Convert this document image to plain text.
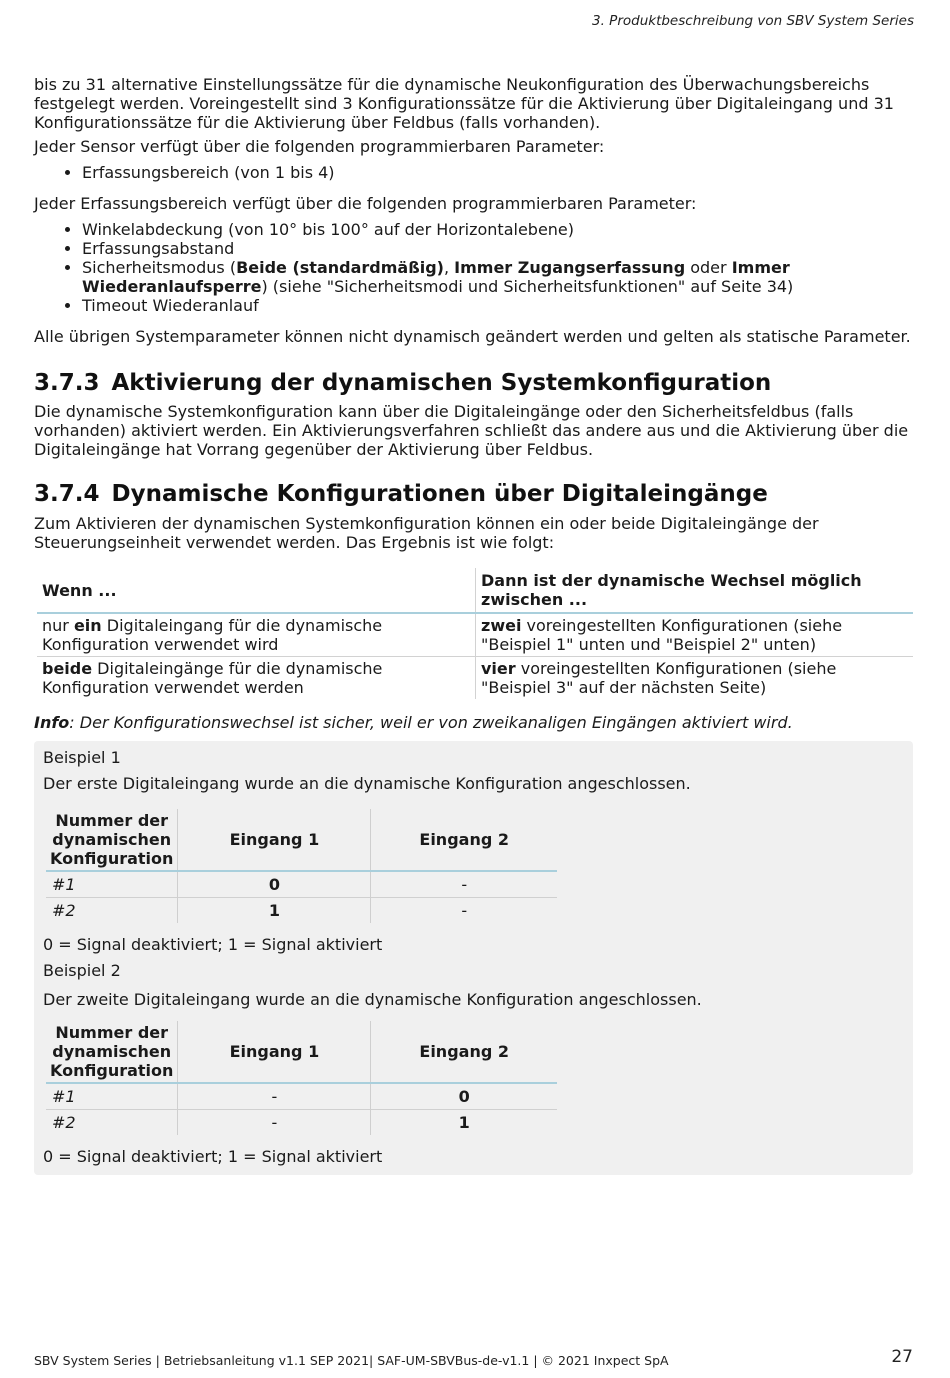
3. Produktbeschreibung von SBV System Series

bis zu 31 alternative Einstellungssätze für die dynamische Neukonfiguration des Überwachungsbereichs festgelegt werden. Voreingestellt sind 3 Konfigurationssätze für die Aktivierung über Digitaleingang und 31 Konfigurationssätze für die Aktivierung über Feldbus (falls vorhanden).

Jeder Sensor verfügt über die folgenden programmierbaren Parameter:

• Erfassungsbereich (von 1 bis 4)

Jeder Erfassungsbereich verfügt über die folgenden programmierbaren Parameter:

• Winkelabdeckung (von 10° bis 100° auf der Horizontalebene)
• Erfassungsabstand
• Sicherheitsmodus (Beide (standardmäßig), Immer Zugangserfassung oder Immer Wiederanlaufsperre) (siehe "Sicherheitsmodi und Sicherheitsfunktionen" auf Seite 34)
• Timeout Wiederanlauf

Alle übrigen Systemparameter können nicht dynamisch geändert werden und gelten als statische Parameter.

3.7.3 Aktivierung der dynamischen Systemkonfiguration

Die dynamische Systemkonfiguration kann über die Digitaleingänge oder den Sicherheitsfeldbus (falls vorhanden) aktiviert werden. Ein Aktivierungsverfahren schließt das andere aus und die Aktivierung über die Digitaleingänge hat Vorrang gegenüber der Aktivierung über Feldbus.

3.7.4 Dynamische Konfigurationen über Digitaleingänge

Zum Aktivieren der dynamischen Systemkonfiguration können ein oder beide Digitaleingänge der Steuerungseinheit verwendet werden. Das Ergebnis ist wie folgt:

Wenn ...	Dann ist der dynamische Wechsel möglich zwischen ...
nur ein Digitaleingang für die dynamische Konfiguration verwendet wird	zwei voreingestellten Konfigurationen (siehe "Beispiel 1" unten und "Beispiel 2" unten)
beide Digitaleingänge für die dynamische Konfiguration verwendet werden	vier voreingestellten Konfigurationen (siehe "Beispiel 3" auf der nächsten Seite)

Info: Der Konfigurationswechsel ist sicher, weil er von zweikanaligen Eingängen aktiviert wird.

Beispiel 1

Der erste Digitaleingang wurde an die dynamische Konfiguration angeschlossen.

Nummer der dynamischen Konfiguration	Eingang 1	Eingang 2
#1	0	-
#2	1	-

0 = Signal deaktiviert; 1 = Signal aktiviert

Beispiel 2

Der zweite Digitaleingang wurde an die dynamische Konfiguration angeschlossen.

Nummer der dynamischen Konfiguration	Eingang 1	Eingang 2
#1	-	0
#2	-	1

0 = Signal deaktiviert; 1 = Signal aktiviert

SBV System Series | Betriebsanleitung v1.1 SEP 2021| SAF-UM-SBVBus-de-v1.1 | © 2021 Inxpect SpA	27
